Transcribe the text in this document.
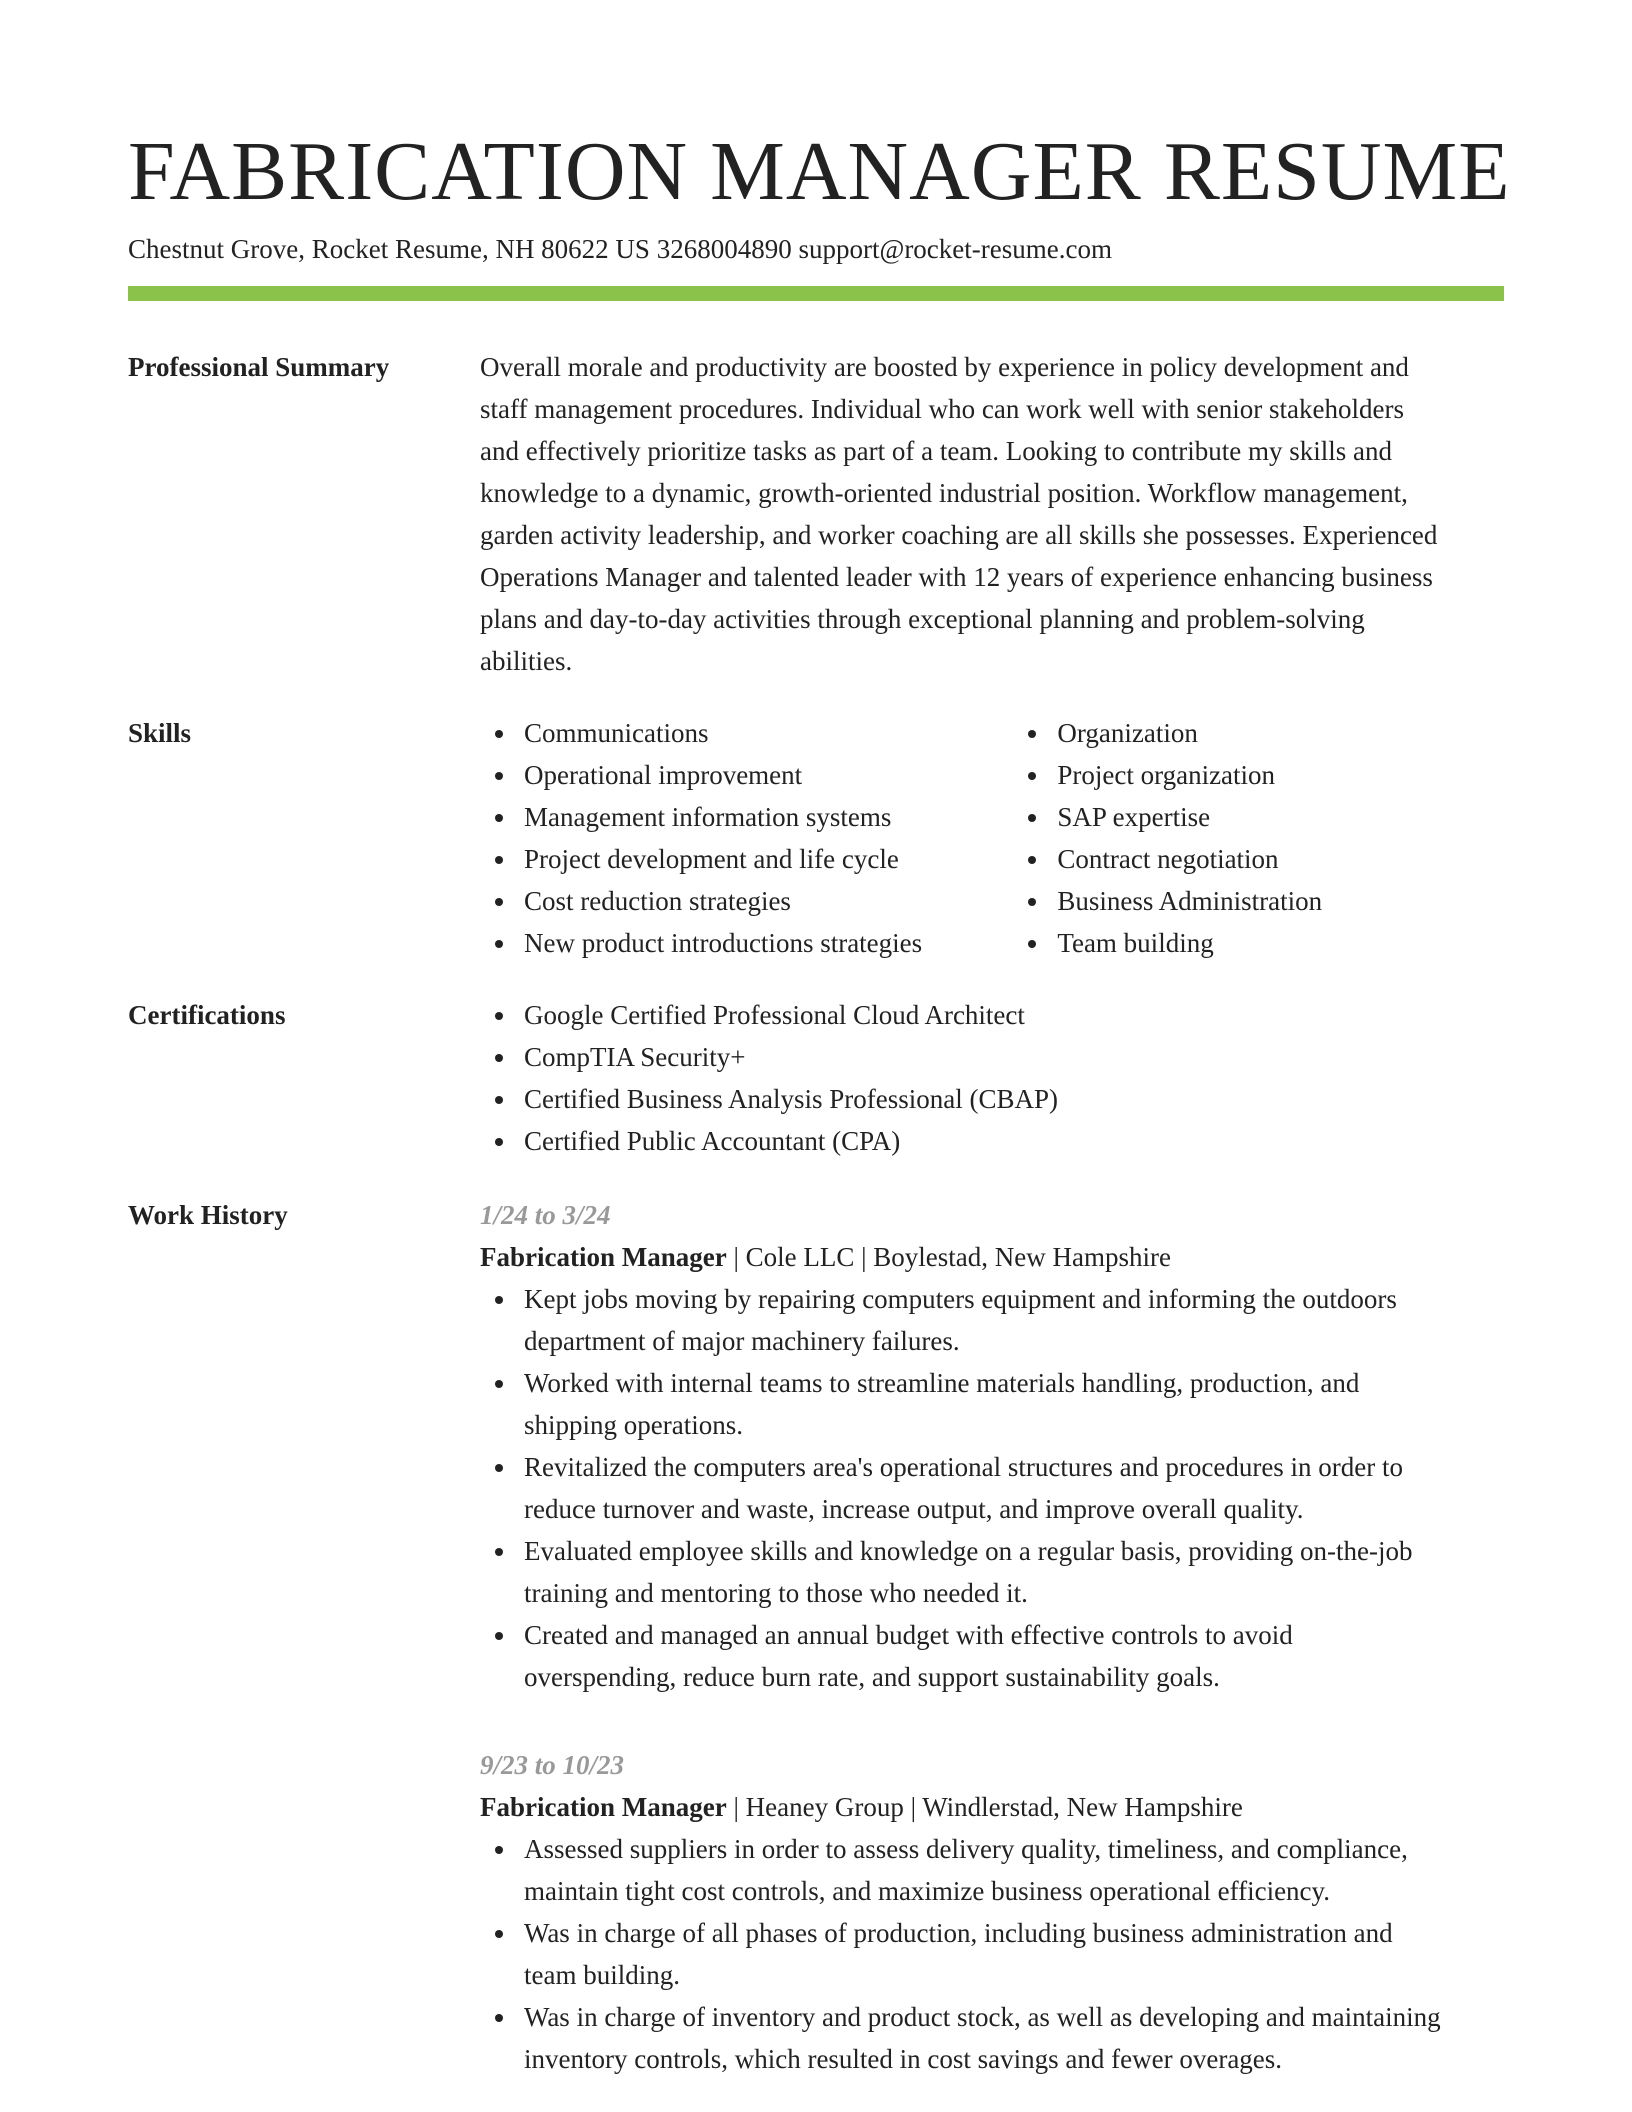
FABRICATION MANAGER RESUME
Chestnut Grove, Rocket Resume, NH 80622 US 3268004890 support@rocket-resume.com
Professional Summary	Overall morale and productivity are boosted by experience in policy development and
staff management procedures. Individual who can work well with senior stakeholders
and effectively prioritize tasks as part of a team. Looking to contribute my skills and
knowledge to a dynamic, growth-oriented industrial position. Workflow management,
garden activity leadership, and worker coaching are all skills she possesses. Experienced
Operations Manager and talented leader with 12 years of experience enhancing business
plans and day-to-day activities through exceptional planning and problem-solving
abilities.
Skills	Communications
Operational improvement
Management information systems
Project development and life cycle
Cost reduction strategies
New product introductions strategies
Organization
Project organization
SAP expertise
Contract negotiation
Business Administration
Team building
Certifications	Google Certified Professional Cloud Architect
CompTIA Security+
Certified Business Analysis Professional (CBAP)
Certified Public Accountant (CPA)
Work History	1/24 to 3/24
Fabrication Manager | Cole LLC | Boylestad, New Hampshire
Kept jobs moving by repairing computers equipment and informing the outdoors
department of major machinery failures.
Worked with internal teams to streamline materials handling, production, and
shipping operations.
Revitalized the computers area's operational structures and procedures in order to
reduce turnover and waste, increase output, and improve overall quality.
Evaluated employee skills and knowledge on a regular basis, providing on-the-job
training and mentoring to those who needed it.
Created and managed an annual budget with effective controls to avoid
overspending, reduce burn rate, and support sustainability goals.
9/23 to 10/23
Fabrication Manager | Heaney Group | Windlerstad, New Hampshire
Assessed suppliers in order to assess delivery quality, timeliness, and compliance,
maintain tight cost controls, and maximize business operational efficiency.
Was in charge of all phases of production, including business administration and
team building.
Was in charge of inventory and product stock, as well as developing and maintaining
inventory controls, which resulted in cost savings and fewer overages.
